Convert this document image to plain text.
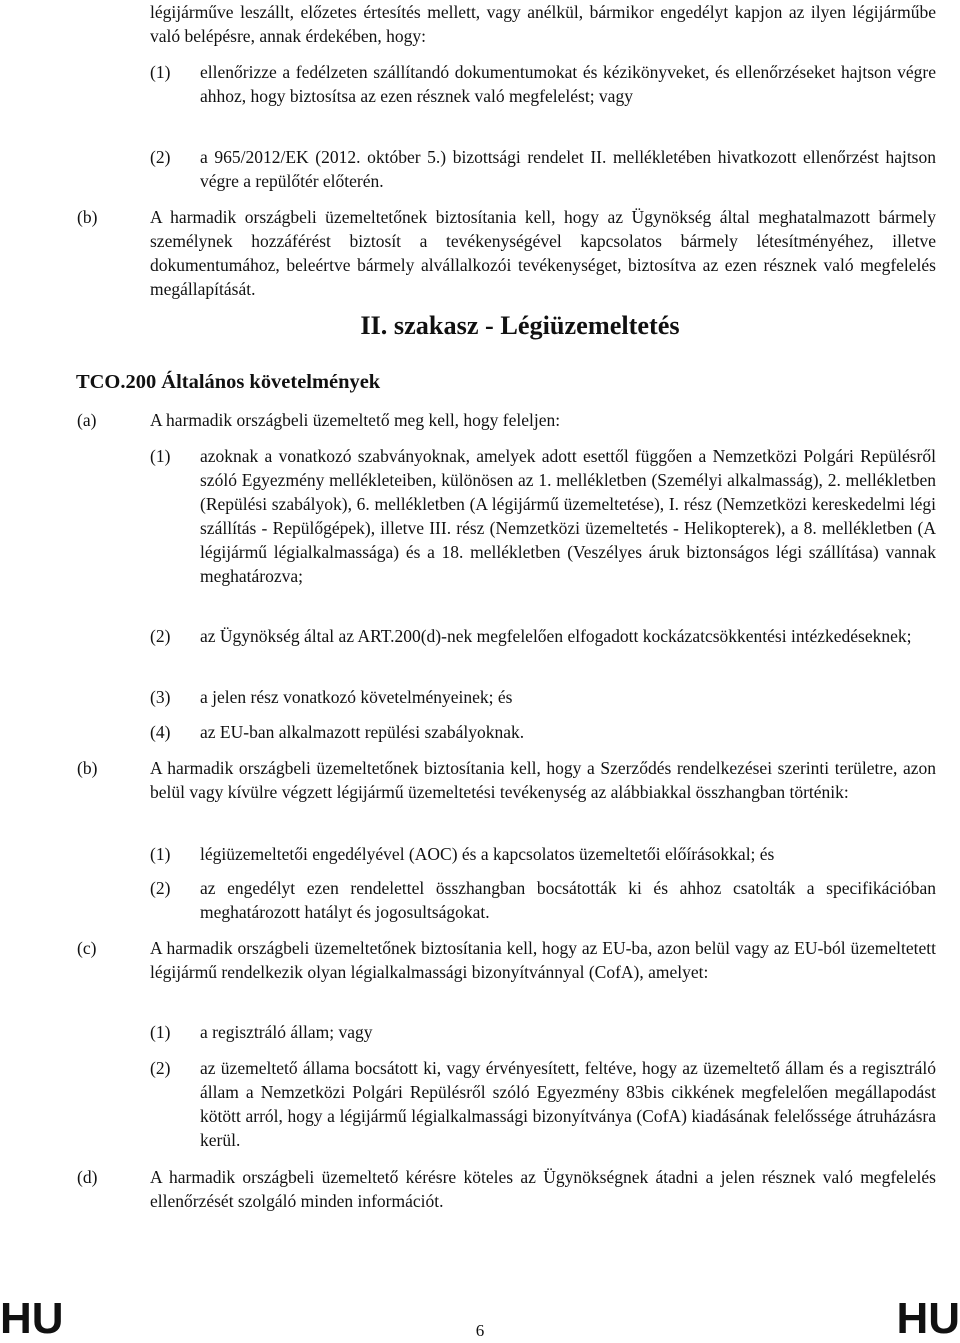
légijárműve leszállt, előzetes értesítés mellett, vagy anélkül, bármikor engedélyt kapjon az ilyen légijárműbe való belépésre, annak érdekében, hogy:

(1) ellenőrizze a fedélzeten szállítandó dokumentumokat és kézikönyveket, és ellenőrzéseket hajtson végre ahhoz, hogy biztosítsa az ezen résznek való megfelelést; vagy

(2) a 965/2012/EK (2012. október 5.) bizottsági rendelet II. mellékletében hivatkozott ellenőrzést hajtson végre a repülőtér előterén.

(b)	A harmadik országbeli üzemeltetőnek biztosítania kell, hogy az Ügynökség által meghatalmazott bármely személynek hozzáférést biztosít a tevékenységével kapcsolatos bármely létesítményéhez, illetve dokumentumához, beleértve bármely alvállalkozói tevékenységet, biztosítva az ezen résznek való megfelelés megállapítását.

II. szakasz - Légiüzemeltetés
TCO.200 Általános követelmények
(a)	A harmadik országbeli üzemeltető meg kell, hogy feleljen:

(1) azoknak a vonatkozó szabványoknak, amelyek adott esettől függően a Nemzetközi Polgári Repülésről szóló Egyezmény mellékleteiben, különösen az 1. mellékletben (Személyi alkalmasság), 2. mellékletben (Repülési szabályok), 6. mellékletben (A légijármű üzemeltetése), I. rész (Nemzetközi kereskedelmi légi szállítás - Repülőgépek), illetve III. rész (Nemzetközi üzemeltetés - Helikopterek), a 8. mellékletben (A légijármű légialkalmassága) és a 18. mellékletben (Veszélyes áruk biztonságos légi szállítása) vannak meghatározva;

(2) az Ügynökség által az ART.200(d)-nek megfelelően elfogadott kockázatcsökkentési intézkedéseknek;

(3) a jelen rész vonatkozó követelményeinek; és

(4) az EU-ban alkalmazott repülési szabályoknak.

(b)	A harmadik országbeli üzemeltetőnek biztosítania kell, hogy a Szerződés rendelkezései szerinti területre, azon belül vagy kívülre végzett légijármű üzemeltetési tevékenység az alábbiakkal összhangban történik:

(1) légiüzemeltetői engedélyével (AOC) és a kapcsolatos üzemeltetői előírásokkal; és

(2) az engedélyt ezen rendelettel összhangban bocsátották ki és ahhoz csatolták a specifikációban meghatározott hatályt és jogosultságokat.

(c)	A harmadik országbeli üzemeltetőnek biztosítania kell, hogy az EU-ba, azon belül vagy az EU-ból üzemeltetett légijármű rendelkezik olyan légialkalmassági bizonyítvánnyal (CofA), amelyet:

(1) a regisztráló állam; vagy

(2) az üzemeltető állama bocsátott ki, vagy érvényesített, feltéve, hogy az üzemeltető állam és a regisztráló állam a Nemzetközi Polgári Repülésről szóló Egyezmény 83bis cikkének megfelelően megállapodást kötött arról, hogy a légijármű légialkalmassági bizonyítványa (CofA) kiadásának felelőssége átruházásra kerül.

(d)	A harmadik országbeli üzemeltető kérésre köteles az Ügynökségnek átadni a jelen résznek való megfelelés ellenőrzését szolgáló minden információt.

HU	6	HU
